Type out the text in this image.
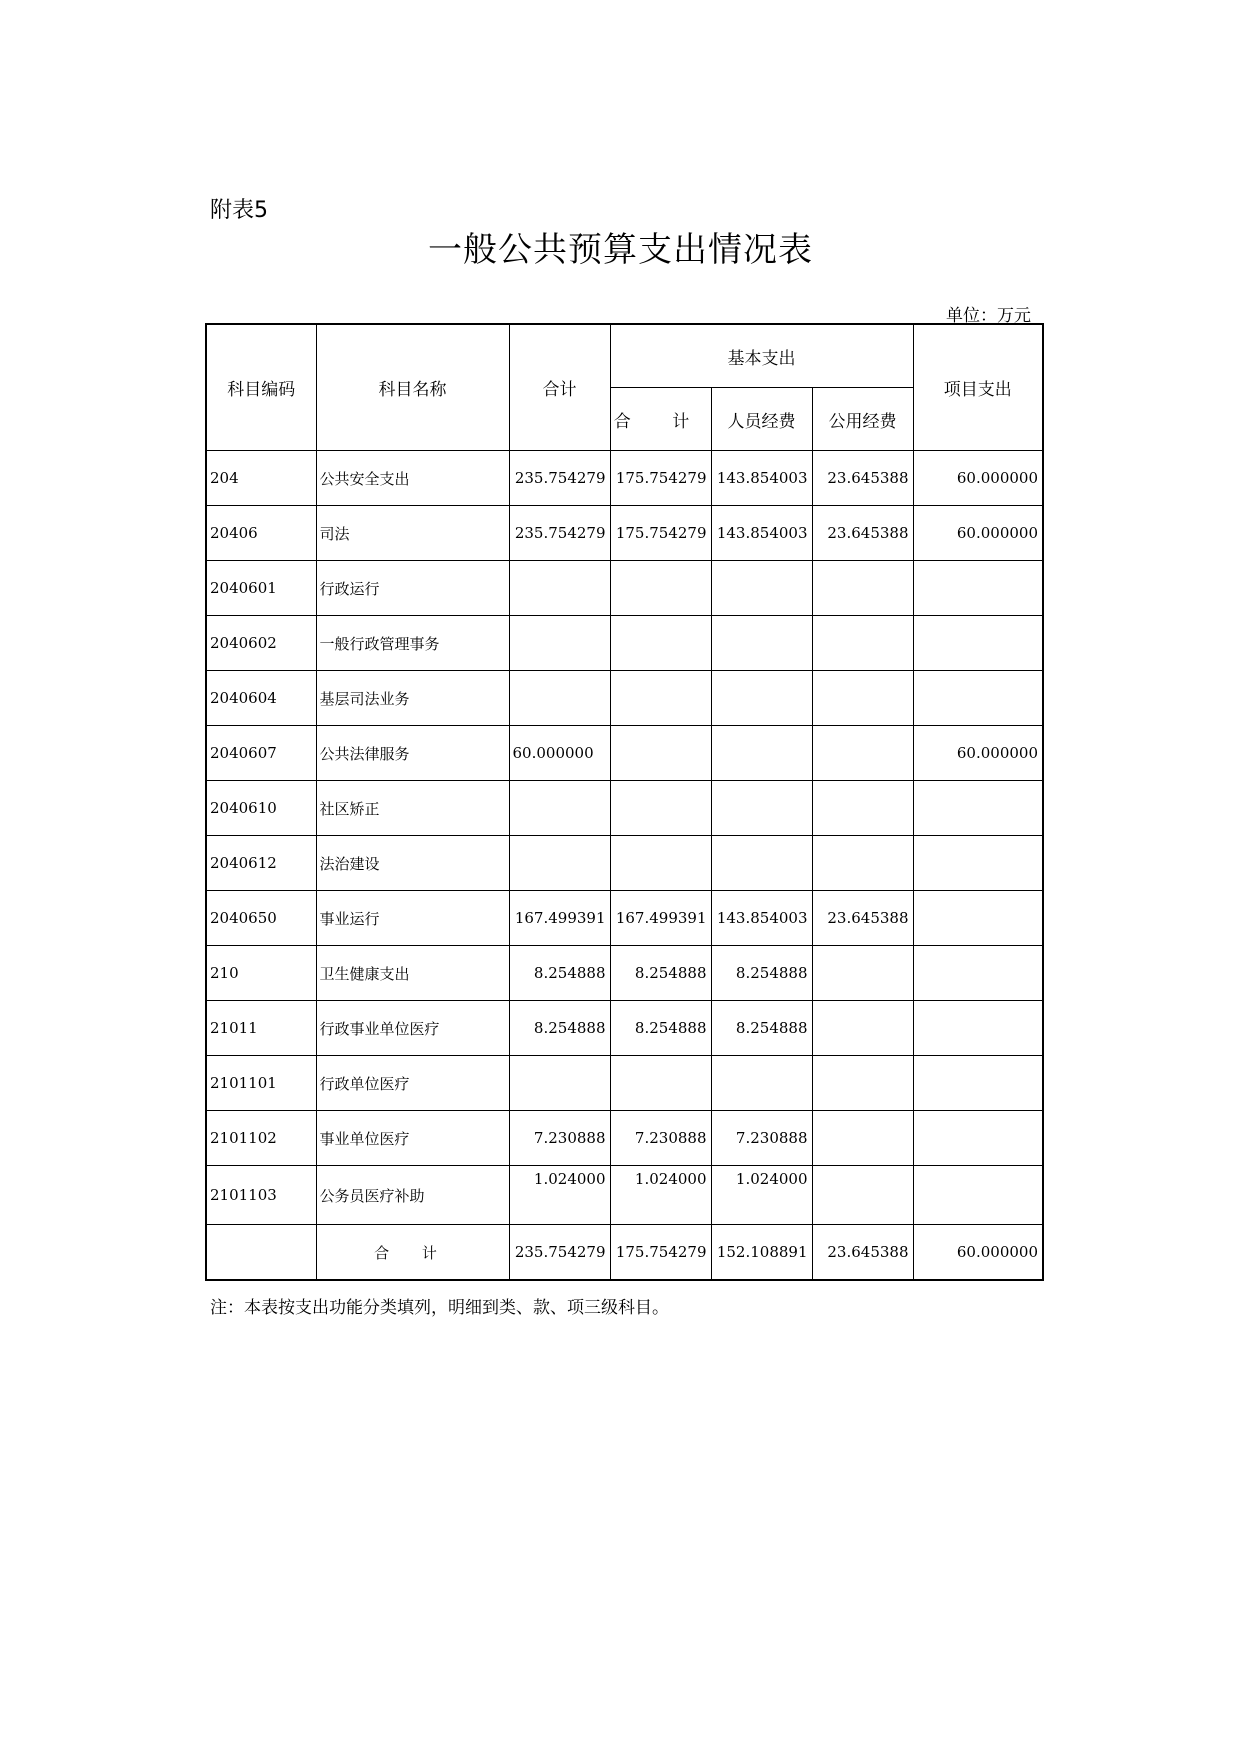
附表5
一般公共预算支出情况表
单位：万元
科目编码	科目名称	合计	基本支出			项目支出
			合 计	人员经费	公用经费	
204	公共安全支出	235.754279	175.754279	143.854003	23.645388	60.000000
20406	司法	235.754279	175.754279	143.854003	23.645388	60.000000
2040601	行政运行					
2040602	一般行政管理事务					
2040604	基层司法业务					
2040607	公共法律服务	60.000000				60.000000
2040610	社区矫正					
2040612	法治建设					
2040650	事业运行	167.499391	167.499391	143.854003	23.645388	
210	卫生健康支出	8.254888	8.254888	8.254888		
21011	行政事业单位医疗	8.254888	8.254888	8.254888		
2101101	行政单位医疗					
2101102	事业单位医疗	7.230888	7.230888	7.230888		
2101103	公务员医疗补助	1.024000	1.024000	1.024000		
	合 计	235.754279	175.754279	152.108891	23.645388	60.000000
注：本表按支出功能分类填列，明细到类、款、项三级科目。
